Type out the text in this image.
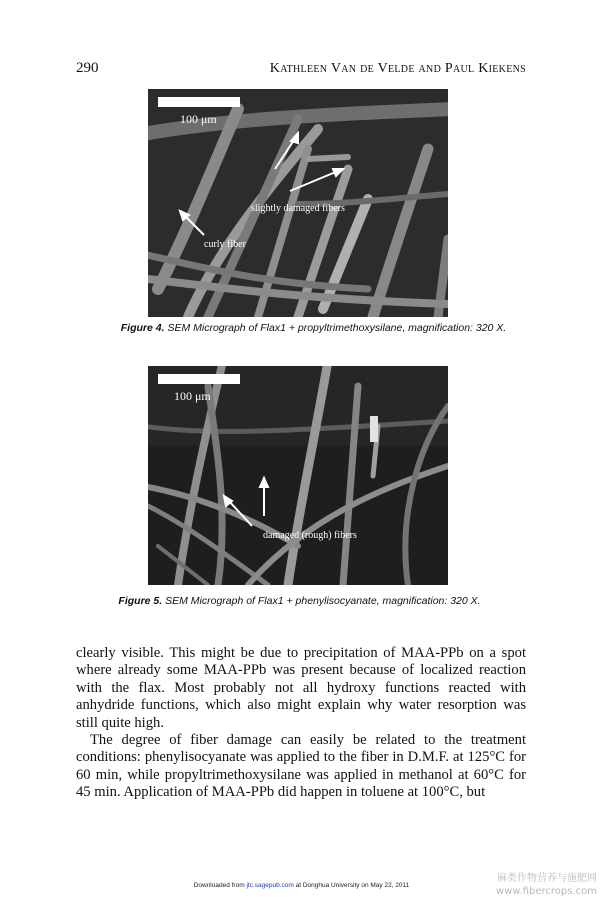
290	Kathleen Van de Velde and Paul Kiekens
100 μm
slightly damaged fibers
curly fiber
Figure 4. SEM Micrograph of Flax1 + propyltrimethoxysilane, magnification: 320 X.
100 μm
damaged (rough) fibers
Figure 5. SEM Micrograph of Flax1 + phenylisocyanate, magnification: 320 X.

clearly visible. This might be due to precipitation of MAA-PPb on a spot where already some MAA-PPb was present because of localized reaction with the flax. Most probably not all hydroxy functions reacted with anhydride functions, which also might explain why water resorption was still quite high.

The degree of fiber damage can easily be related to the treatment conditions: phenylisocyanate was applied to the fiber in D.M.F. at 125°C for 60 min, while propyltrimethoxysilane was applied in methanol at 60°C for 45 min. Application of MAA-PPb did happen in toluene at 100°C, but

Downloaded from jtc.sagepub.com at Donghua University on May 22, 2011
麻类作物营养与施肥网
www.fibercrops.com
